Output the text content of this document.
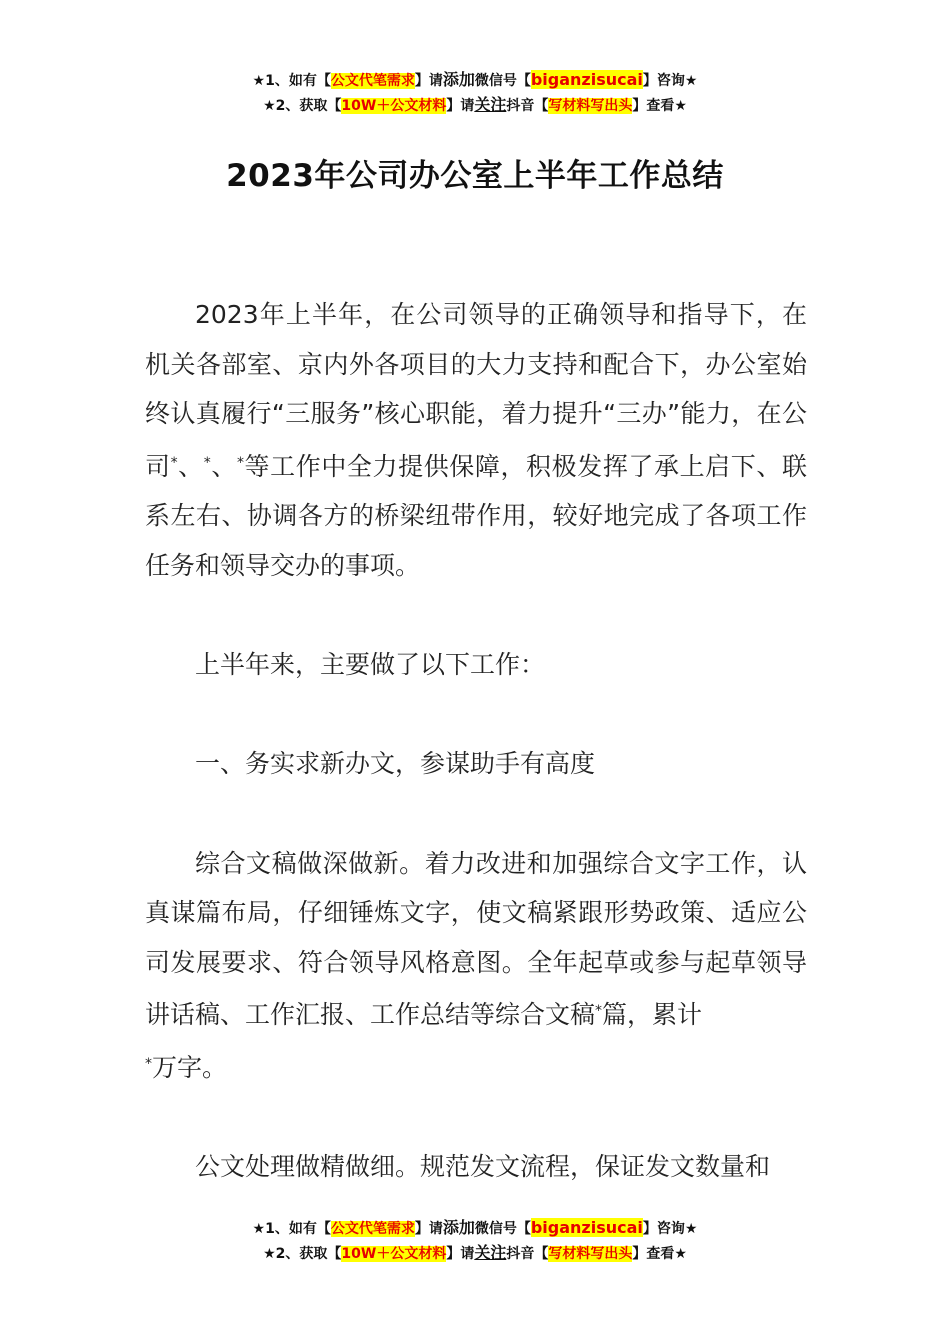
★1、如有【公文代笔需求】请添加微信号【biganzisucai】咨询★
★2、获取【10W＋公文材料】请关注抖音【写材料写出头】查看★
2023年公司办公室上半年工作总结

2023年上半年，在公司领导的正确领导和指导下，在机关各部室、京内外各项目的大力支持和配合下，办公室始终认真履行“三服务”核心职能，着力提升“三办”能力，在公司*、*、*等工作中全力提供保障，积极发挥了承上启下、联系左右、协调各方的桥梁纽带作用，较好地完成了各项工作任务和领导交办的事项。

上半年来，主要做了以下工作：

一、务实求新办文，参谋助手有高度

综合文稿做深做新。着力改进和加强综合文字工作，认真谋篇布局，仔细锤炼文字，使文稿紧跟形势政策、适应公司发展要求、符合领导风格意图。全年起草或参与起草领导讲话稿、工作汇报、工作总结等综合文稿*篇，累计
*万字。

公文处理做精做细。规范发文流程，保证发文数量和

★1、如有【公文代笔需求】请添加微信号【biganzisucai】咨询★
★2、获取【10W＋公文材料】请关注抖音【写材料写出头】查看★
